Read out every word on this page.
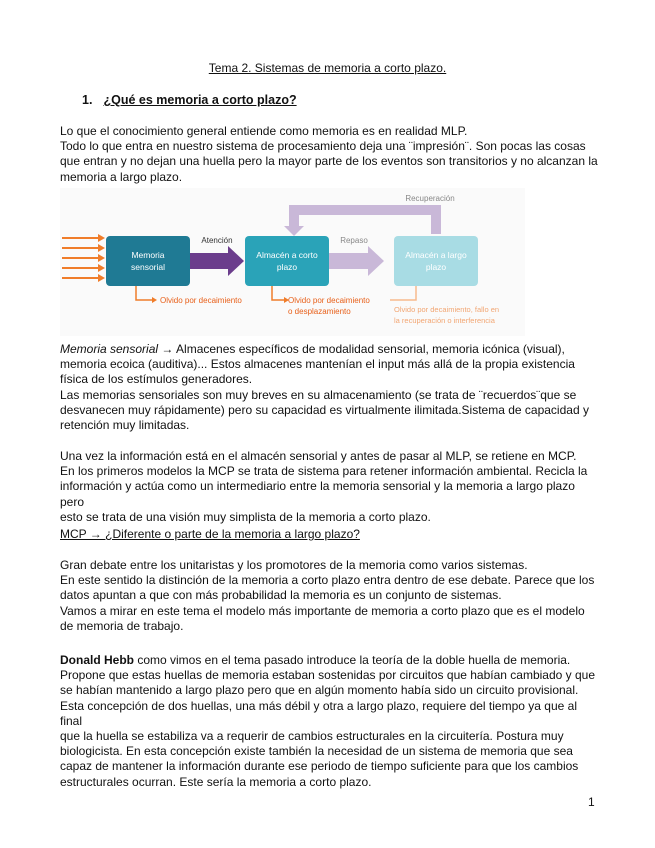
Tema 2. Sistemas de memoria a corto plazo.
1. ¿Qué es memoria a corto plazo?

Lo que el conocimiento general entiende como memoria es en realidad MLP.

Todo lo que entra en nuestro sistema de procesamiento deja una ¨impresión¨. Son pocas las cosas

que entran y no dejan una huella pero la mayor parte de los eventos son transitorios y no alcanzan la

memoria a largo plazo.

Memoria
sensorial
Atención
Almacén a corto
plazo
Repaso
Almacén a largo
plazo
Recuperación
Olvido por decaimiento	Olvido por decaimiento
o desplazamiento	Olvido por decaimiento, fallo en
la recuperación o interferencia

Memoria sensorial → Almacenes específicos de modalidad sensorial, memoria icónica (visual),

memoria ecoica (auditiva)... Estos almacenes mantenían el input más allá de la propia existencia

física de los estímulos generadores.

Las memorias sensoriales son muy breves en su almacenamiento (se trata de ¨recuerdos¨que se

desvanecen muy rápidamente) pero su capacidad es virtualmente ilimitada.Sistema de capacidad y

retención muy limitadas.

Una vez la información está en el almacén sensorial y antes de pasar al MLP, se retiene en MCP.

En los primeros modelos la MCP se trata de sistema para retener información ambiental. Recicla la

información y actúa como un intermediario entre la memoria sensorial y la memoria a largo plazo pero

esto se trata de una visión muy simplista de la memoria a corto plazo.

MCP → ¿Diferente o parte de la memoria a largo plazo?

Gran debate entre los unitaristas y los promotores de la memoria como varios sistemas.

En este sentido la distinción de la memoria a corto plazo entra dentro de ese debate. Parece que los

datos apuntan a que con más probabilidad la memoria es un conjunto de sistemas.

Vamos a mirar en este tema el modelo más importante de memoria a corto plazo que es el modelo

de memoria de trabajo.

Donald Hebb como vimos en el tema pasado introduce la teoría de la doble huella de memoria.

Propone que estas huellas de memoria estaban sostenidas por circuitos que habían cambiado y que

se habían mantenido a largo plazo pero que en algún momento había sido un circuito provisional.

Esta concepción de dos huellas, una más débil y otra a largo plazo, requiere del tiempo ya que al final

que la huella se estabiliza va a requerir de cambios estructurales en la circuitería. Postura muy

biologicista. En esta concepción existe también la necesidad de un sistema de memoria que sea

capaz de mantener la información durante ese periodo de tiempo suficiente para que los cambios

estructurales ocurran. Este sería la memoria a corto plazo.

1
